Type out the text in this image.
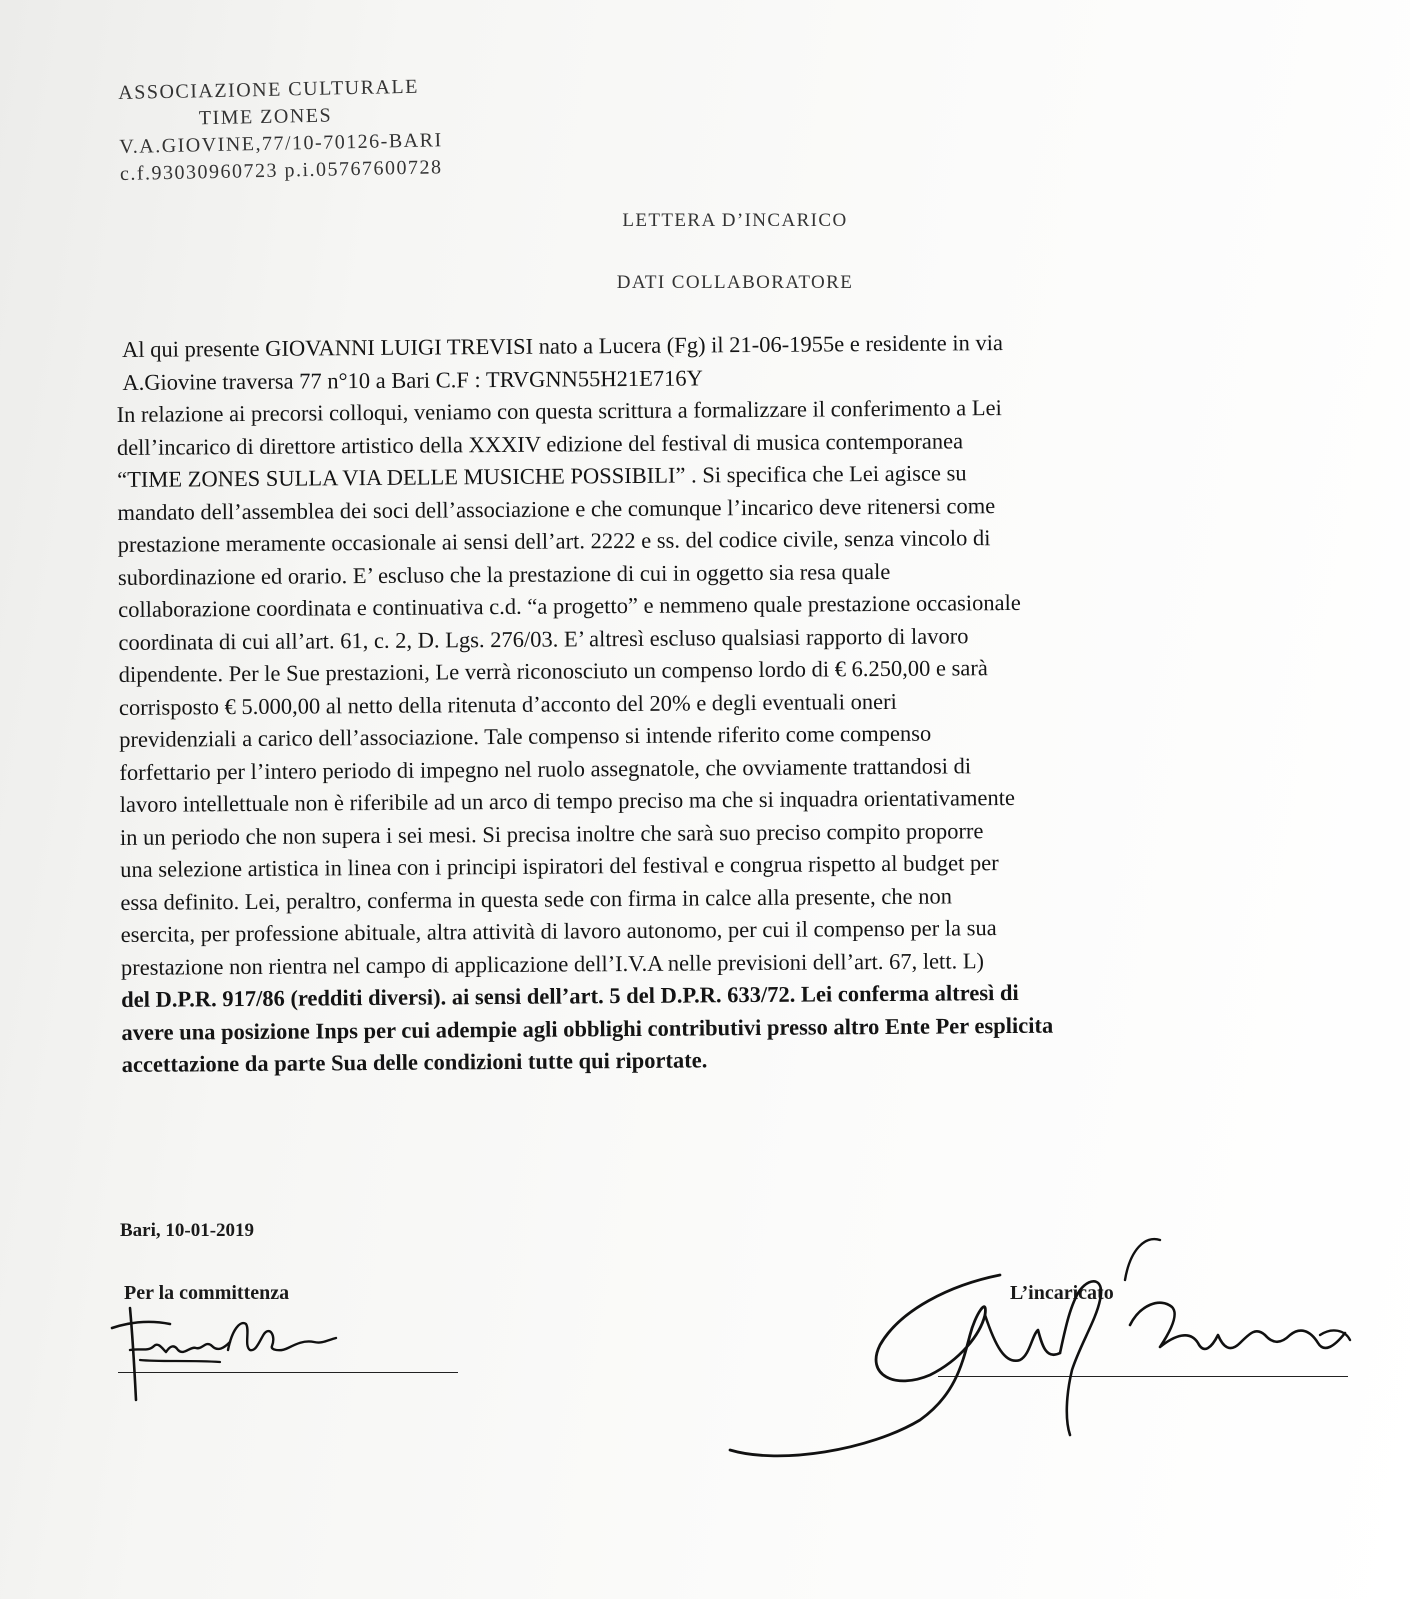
ASSOCIAZIONE CULTURALE
TIME ZONES
V.A.GIOVINE,77/10-70126-BARI
c.f.93030960723 p.i.05767600728
LETTERA D’INCARICO
DATI COLLABORATORE
Al qui presente GIOVANNI LUIGI TREVISI nato a Lucera (Fg) il 21-06-1955e e residente in via
A.Giovine traversa 77 n°10 a Bari C.F : TRVGNN55H21E716Y
In relazione ai precorsi colloqui, veniamo con questa scrittura a formalizzare il conferimento a Lei
dell’incarico di direttore artistico della XXXIV edizione del festival di musica contemporanea
“TIME ZONES SULLA VIA DELLE MUSICHE POSSIBILI” . Si specifica che Lei agisce su
mandato dell’assemblea dei soci dell’associazione e che comunque l’incarico deve ritenersi come
prestazione meramente occasionale ai sensi dell’art. 2222 e ss. del codice civile, senza vincolo di
subordinazione ed orario. E’ escluso che la prestazione di cui in oggetto sia resa quale
collaborazione coordinata e continuativa c.d. “a progetto” e nemmeno quale prestazione occasionale
coordinata di cui all’art. 61, c. 2, D. Lgs. 276/03. E’ altresì escluso qualsiasi rapporto di lavoro
dipendente. Per le Sue prestazioni, Le verrà riconosciuto un compenso lordo di € 6.250,00 e sarà
corrisposto € 5.000,00 al netto della ritenuta d’acconto del 20% e degli eventuali oneri
previdenziali a carico dell’associazione. Tale compenso si intende riferito come compenso
forfettario per l’intero periodo di impegno nel ruolo assegnatole, che ovviamente trattandosi di
lavoro intellettuale non è riferibile ad un arco di tempo preciso ma che si inquadra orientativamente
in un periodo che non supera i sei mesi. Si precisa inoltre che sarà suo preciso compito proporre
una selezione artistica in linea con i principi ispiratori del festival e congrua rispetto al budget per
essa definito. Lei, peraltro, conferma in questa sede con firma in calce alla presente, che non
esercita, per professione abituale, altra attività di lavoro autonomo, per cui il compenso per la sua
prestazione non rientra nel campo di applicazione dell’I.V.A nelle previsioni dell’art. 67, lett. L)
del D.P.R. 917/86 (redditi diversi). ai sensi dell’art. 5 del D.P.R. 633/72. Lei conferma altresì di
avere una posizione Inps per cui adempie agli obblighi contributivi presso altro Ente Per esplicita
accettazione da parte Sua delle condizioni tutte qui riportate.
Bari, 10-01-2019
Per la committenza	L’incaricato
